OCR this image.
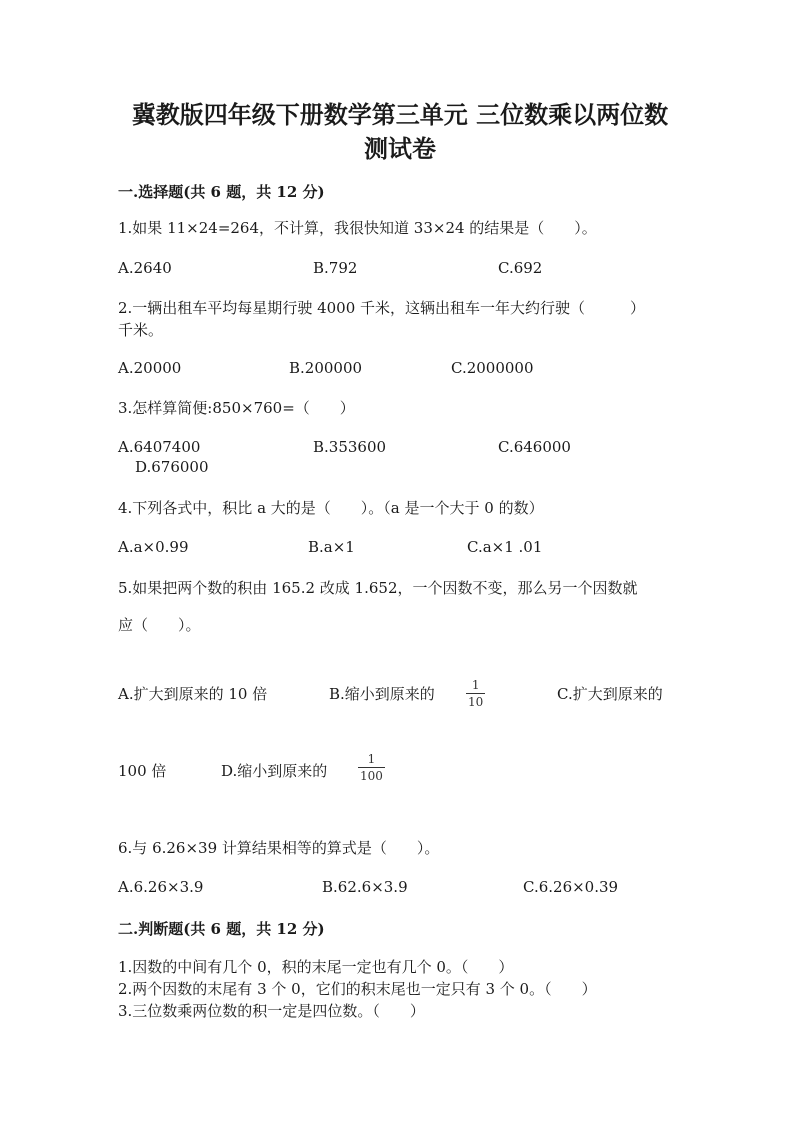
冀教版四年级下册数学第三单元 三位数乘以两位数
测试卷
一.选择题(共 6 题，共 12 分)
1.如果 11×24=264，不计算，我很快知道 33×24 的结果是（　　）。
A.2640	B.792	C.692
2.一辆出租车平均每星期行驶 4000 千米，这辆出租车一年大约行驶（　　　）
千米。
A.20000	B.200000	C.2000000
3.怎样算简便:850×760=（　　）
A.6407400	B.353600	C.646000
D.676000
4.下列各式中，积比 a 大的是（　　）。（a 是一个大于 0 的数）
A.a×0.99	B.a×1	C.a×1 .01
5.如果把两个数的积由 165.2 改成 1.652，一个因数不变，那么另一个因数就
应（　　）。
A.扩大到原来的 10 倍	B.缩小到原来的	1
10	C.扩大到原来的
100 倍	D.缩小到原来的
1
100
6.与 6.26×39 计算结果相等的算式是（　　）。
A.6.26×3.9	B.62.6×3.9	C.6.26×0.39
二.判断题(共 6 题，共 12 分)
1.因数的中间有几个 0，积的末尾一定也有几个 0。（　　）
2.两个因数的末尾有 3 个 0，它们的积末尾也一定只有 3 个 0。（　　）
3.三位数乘两位数的积一定是四位数。（　　）
